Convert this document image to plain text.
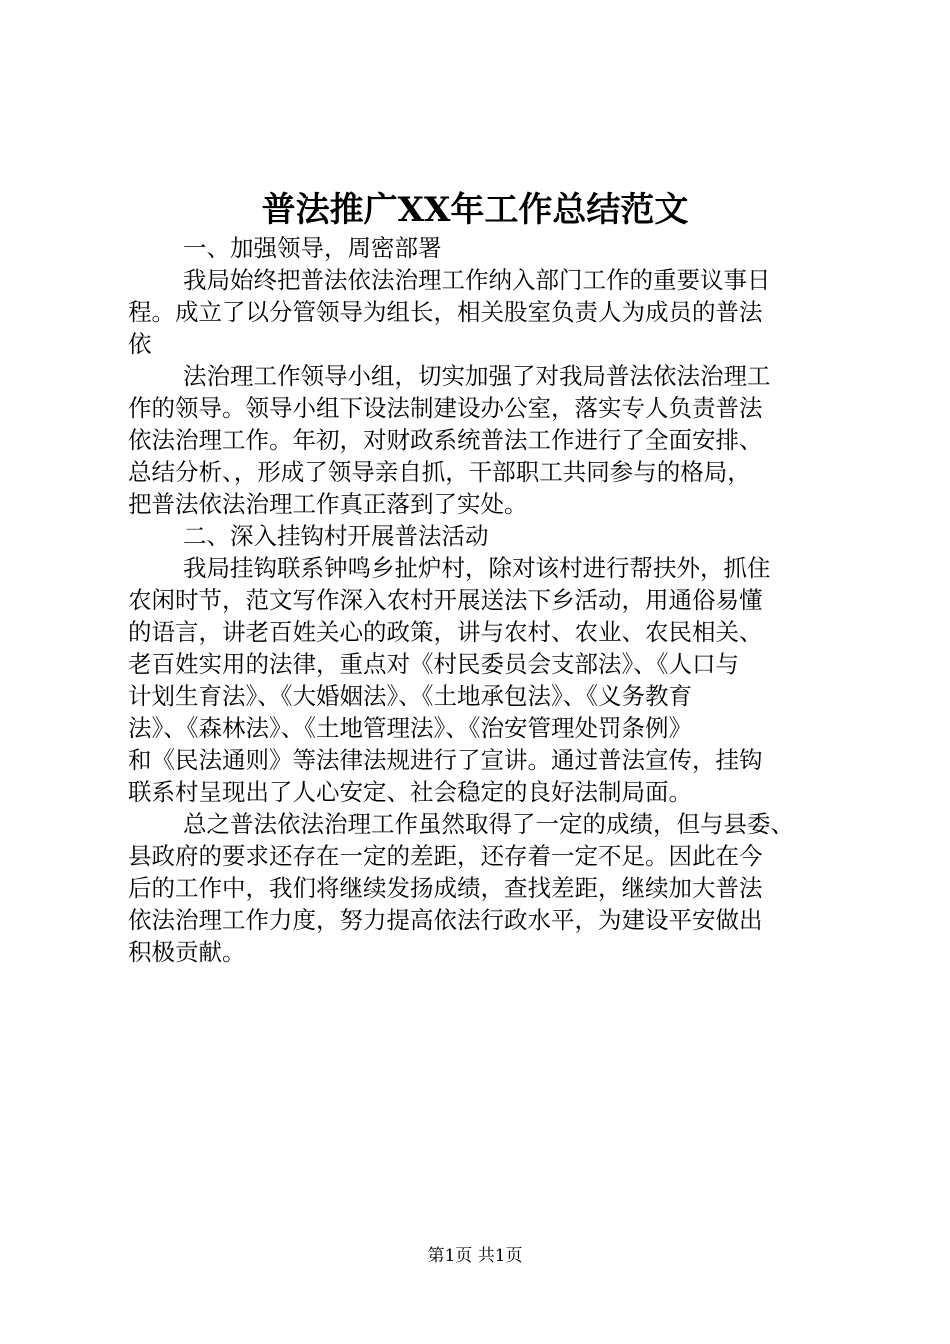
普法推广XX年工作总结范文
一、加强领导，周密部署
我局始终把普法依法治理工作纳入部门工作的重要议事日
程。成立了以分管领导为组长，相关股室负责人为成员的普法
依
法治理工作领导小组，切实加强了对我局普法依法治理工
作的领导。领导小组下设法制建设办公室，落实专人负责普法
依法治理工作。年初，对财政系统普法工作进行了全面安排、
总结分析、，形成了领导亲自抓，干部职工共同参与的格局，
把普法依法治理工作真正落到了实处。
二、深入挂钩村开展普法活动
我局挂钩联系钟鸣乡扯炉村，除对该村进行帮扶外，抓住
农闲时节，范文写作深入农村开展送法下乡活动，用通俗易懂
的语言，讲老百姓关心的政策，讲与农村、农业、农民相关、
老百姓实用的法律，重点对《村民委员会支部法》、《人口与
计划生育法》、《大婚姻法》、《土地承包法》、《义务教育
法》、《森林法》、《土地管理法》、《治安管理处罚条例》
和《民法通则》等法律法规进行了宣讲。通过普法宣传，挂钩
联系村呈现出了人心安定、社会稳定的良好法制局面。
总之普法依法治理工作虽然取得了一定的成绩，但与县委、
县政府的要求还存在一定的差距，还存着一定不足。因此在今
后的工作中，我们将继续发扬成绩，查找差距，继续加大普法
依法治理工作力度，努力提高依法行政水平，为建设平安做出
积极贡献。
第1页 共1页
